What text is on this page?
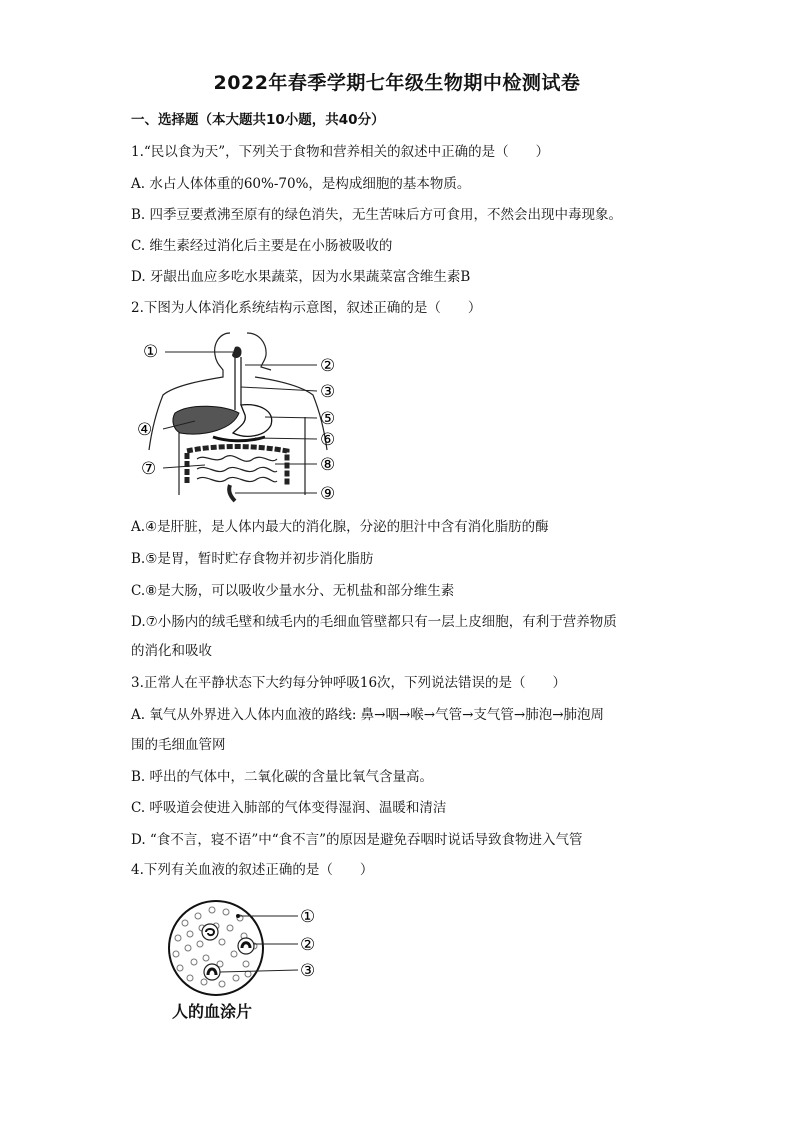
2022年春季学期七年级生物期中检测试卷
一、选择题（本大题共10小题，共40分）
1.“民以食为天”，下列关于食物和营养相关的叙述中正确的是（　　）
A. 水占人体体重的60%-70%，是构成细胞的基本物质。
B. 四季豆要煮沸至原有的绿色消失，无生苦味后方可食用，不然会出现中毒现象。
C. 维生素经过消化后主要是在小肠被吸收的
D. 牙龈出血应多吃水果蔬菜，因为水果蔬菜富含维生素B
2.下图为人体消化系统结构示意图，叙述正确的是（　　）
①
②
③
④
⑤
⑥
⑦	⑧
⑨
A.④是肝脏，是人体内最大的消化腺，分泌的胆汁中含有消化脂肪的酶
B.⑤是胃，暂时贮存食物并初步消化脂肪
C.⑧是大肠，可以吸收少量水分、无机盐和部分维生素
D.⑦小肠内的绒毛壁和绒毛内的毛细血管壁都只有一层上皮细胞，有利于营养物质
的消化和吸收
3.正常人在平静状态下大约每分钟呼吸16次，下列说法错误的是（　　）
A. 氧气从外界进入人体内血液的路线: 鼻→咽→喉→气管→支气管→肺泡→肺泡周
围的毛细血管网
B. 呼出的气体中，二氧化碳的含量比氧气含量高。
C. 呼吸道会使进入肺部的气体变得湿润、温暖和清洁
D. “食不言，寝不语”中“食不言”的原因是避免吞咽时说话导致食物进入气管
4.下列有关血液的叙述正确的是（　　）
①
②
③
人的血涂片
